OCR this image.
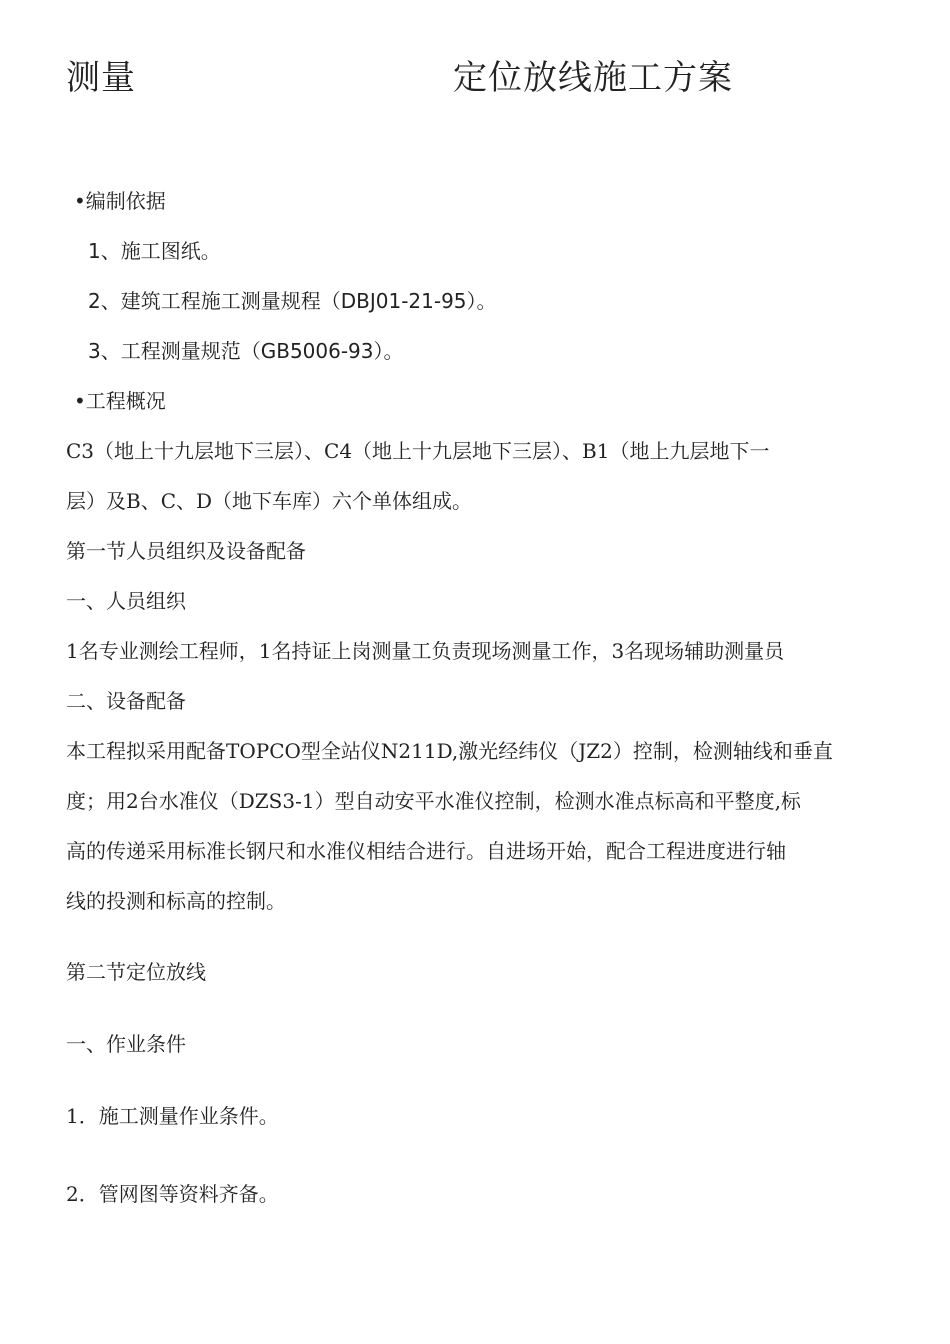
测量	定位放线施工方案

•编制依据

1、施工图纸。

2、建筑工程施工测量规程（DBJ01-21-95）。

3、工程测量规范（GB5006-93）。

•工程概况

C3（地上十九层地下三层）、C4（地上十九层地下三层）、B1（地上九层地下一

层）及B、C、D（地下车库）六个单体组成。

第一节人员组织及设备配备

一、人员组织

1名专业测绘工程师，1名持证上岗测量工负责现场测量工作，3名现场辅助测量员

二、设备配备

本工程拟采用配备TOPCO型全站仪N211D,激光经纬仪（JZ2）控制，检测轴线和垂直

度；用2台水准仪（DZS3-1）型自动安平水准仪控制，检测水准点标高和平整度,标

高的传递采用标准长钢尺和水准仪相结合进行。自进场开始，配合工程进度进行轴

线的投测和标高的控制。

第二节定位放线

一、作业条件

1．施工测量作业条件。

2．管网图等资料齐备。
